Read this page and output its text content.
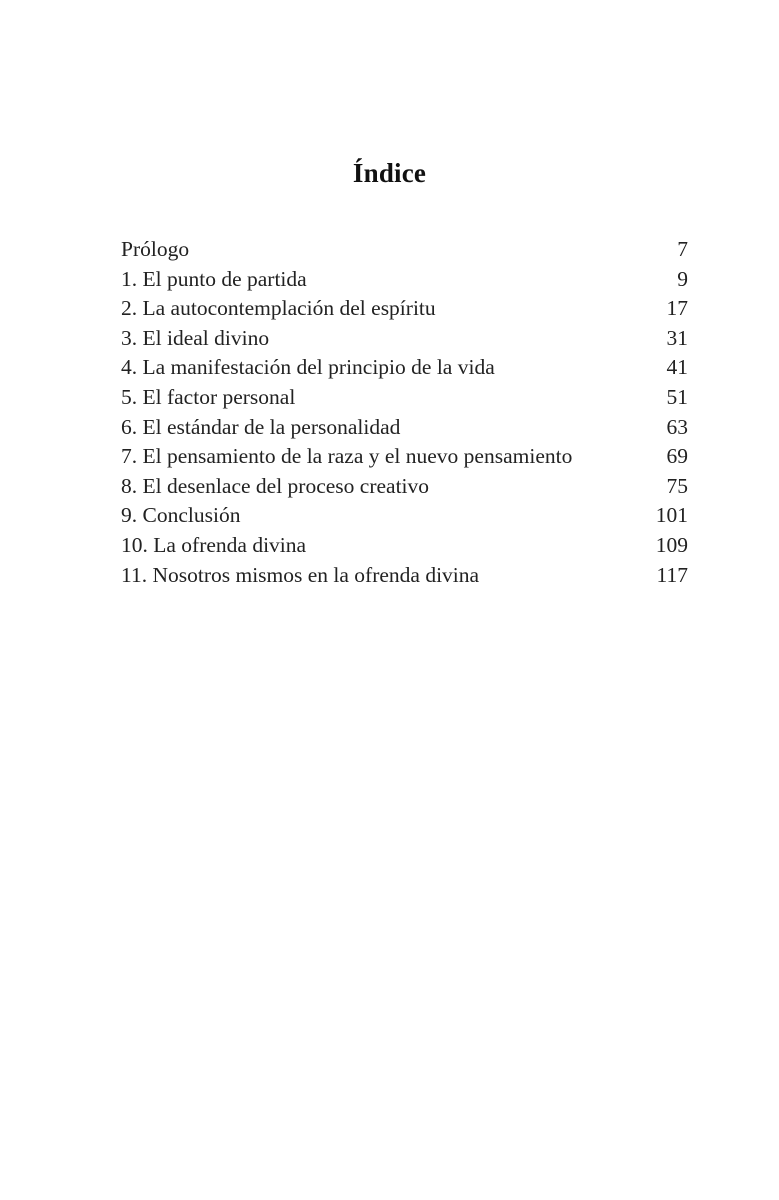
Índice
Prólogo	7
1. El punto de partida	9
2. La autocontemplación del espíritu	17
3. El ideal divino	31
4. La manifestación del principio de la vida	41
5. El factor personal	51
6. El estándar de la personalidad	63
7. El pensamiento de la raza y el nuevo pensamiento	69
8. El desenlace del proceso creativo	75
9. Conclusión	101
10. La ofrenda divina	109
11. Nosotros mismos en la ofrenda divina	117
